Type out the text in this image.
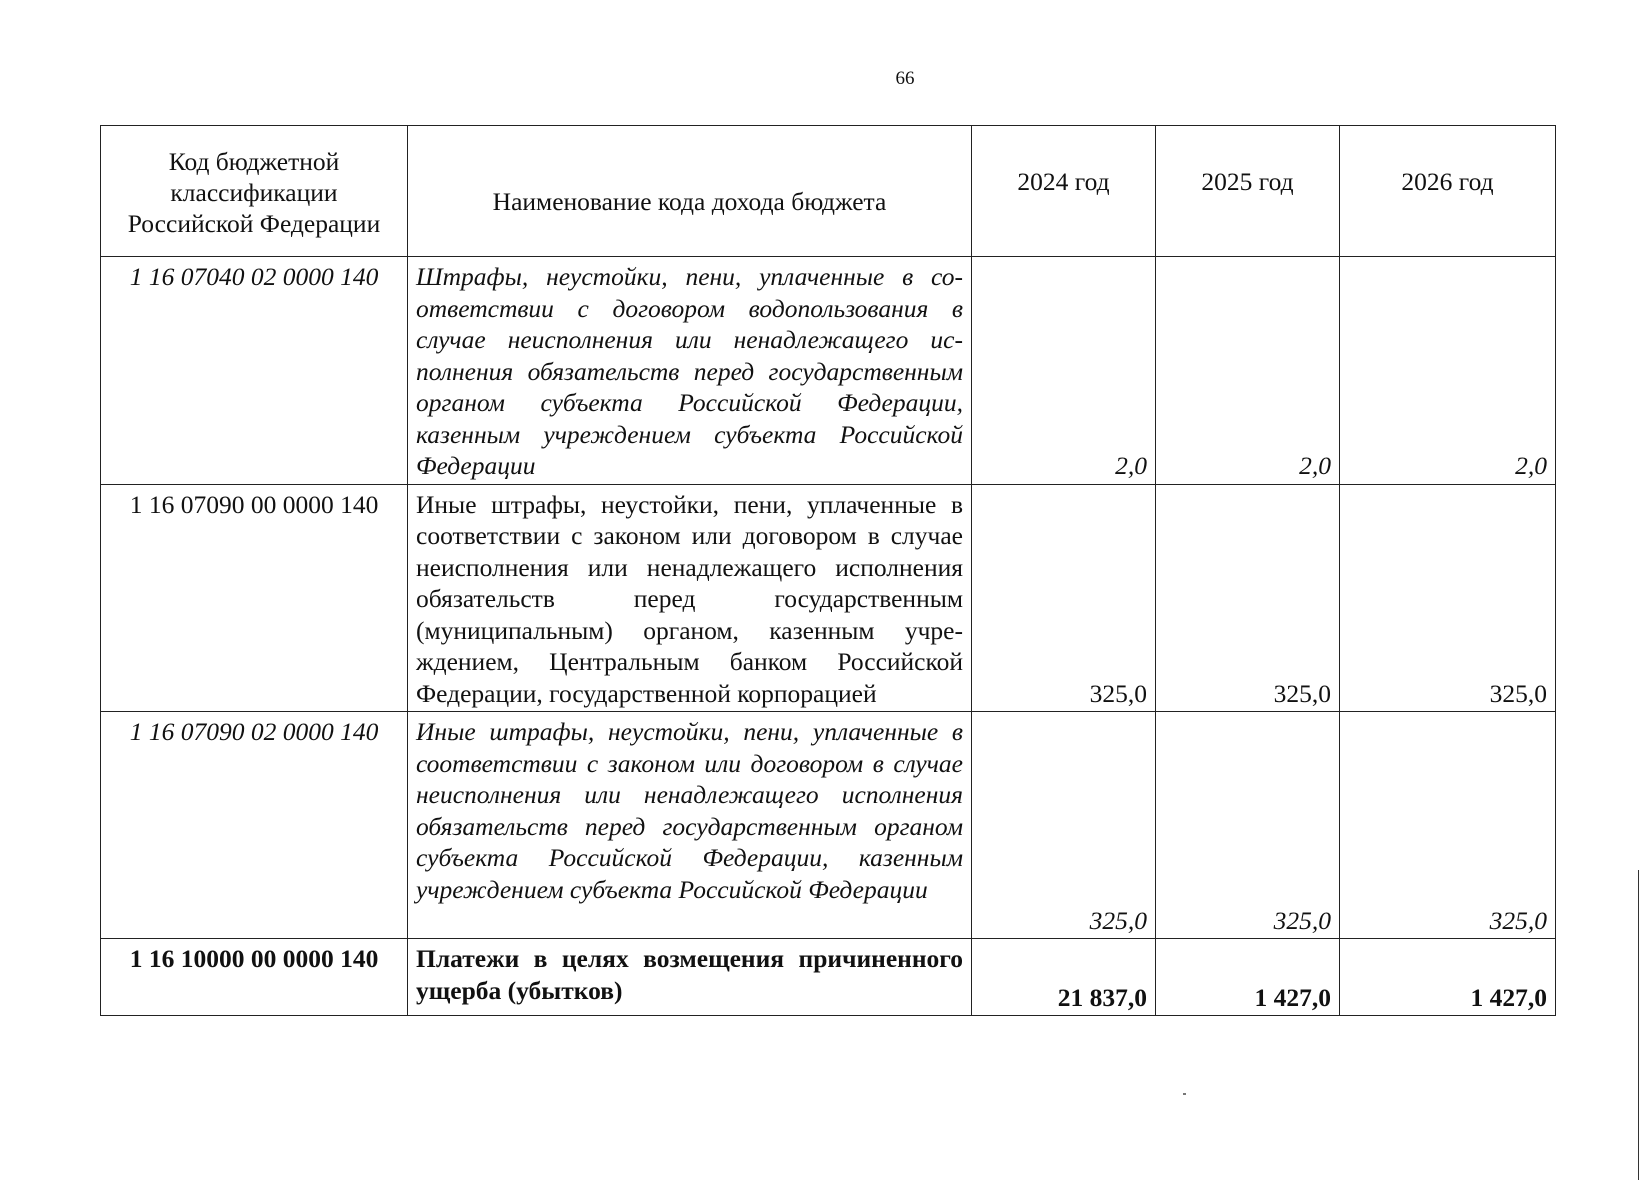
66
Код бюджетной классификации Российской Федерации	Наименование кода дохода бюджета	2024 год	2025 год	2026 год
1 16 07040 02 0000 140	Штрафы, неустойки, пени, уплаченные в соответствии с договором водопользования в случае неисполнения или ненадлежащего исполнения обязательств перед государственным органом субъекта Российской Федерации, казенным учреждением субъекта Российской Федерации	2,0	2,0	2,0
1 16 07090 00 0000 140	Иные штрафы, неустойки, пени, уплаченные в соответствии с законом или договором в случае неисполнения или ненадлежащего исполнения обязательств перед государственным (муниципальным) органом, казенным учреждением, Центральным банком Российской Федерации, государственной корпорацией	325,0	325,0	325,0
1 16 07090 02 0000 140	Иные штрафы, неустойки, пени, уплаченные в соответствии с законом или договором в случае неисполнения или ненадлежащего исполнения обязательств перед государственным органом субъекта Российской Федерации, казенным учреждением субъекта Российской Федерации	325,0	325,0	325,0
1 16 10000 00 0000 140	Платежи в целях возмещения причиненного ущерба (убытков)	21 837,0	1 427,0	1 427,0
